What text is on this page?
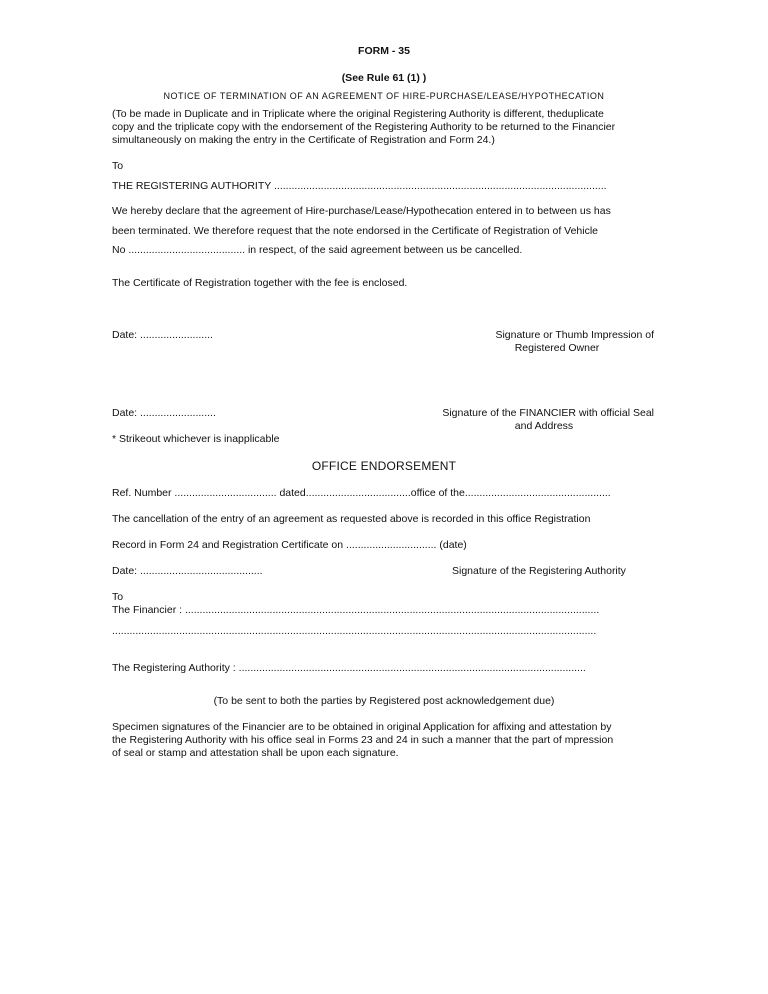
FORM - 35
(See Rule 61 (1) )
NOTICE OF TERMINATION OF AN AGREEMENT OF HIRE-PURCHASE/LEASE/HYPOTHECATION
(To be made in Duplicate and in Triplicate where the original Registering Authority is different, theduplicate
copy and the triplicate copy with the endorsement of the Registering Authority to be returned to the Financier
simultaneously on making the entry in the Certificate of Registration and Form 24.)
To
THE REGISTERING AUTHORITY ..................................................................................................................
We hereby declare that the agreement of Hire-purchase/Lease/Hypothecation entered in to between us has
been terminated. We therefore request that the note endorsed in the Certificate of Registration of Vehicle
No ........................................ in respect, of the said agreement between us be cancelled.
The Certificate of Registration together with the fee is enclosed.
Date: .........................	Signature or Thumb Impression of
Registered Owner
Date: ..........................	Signature of the FINANCIER with official Seal
and Address
* Strikeout whichever is inapplicable
OFFICE ENDORSEMENT
Ref. Number ................................... dated....................................office of the..................................................
The cancellation of the entry of an agreement as requested above is recorded in this office Registration
Record in Form 24 and Registration Certificate on ............................... (date)
Date: ..........................................	Signature of the Registering Authority
To
The Financier : ..............................................................................................................................................
......................................................................................................................................................................
The Registering Authority : .......................................................................................................................
(To be sent to both the parties by Registered post acknowledgement due)
Specimen signatures of the Financier are to be obtained in original Application for affixing and attestation by
the Registering Authority with his office seal in Forms 23 and 24 in such a manner that the part of mpression
of seal or stamp and attestation shall be upon each signature.
